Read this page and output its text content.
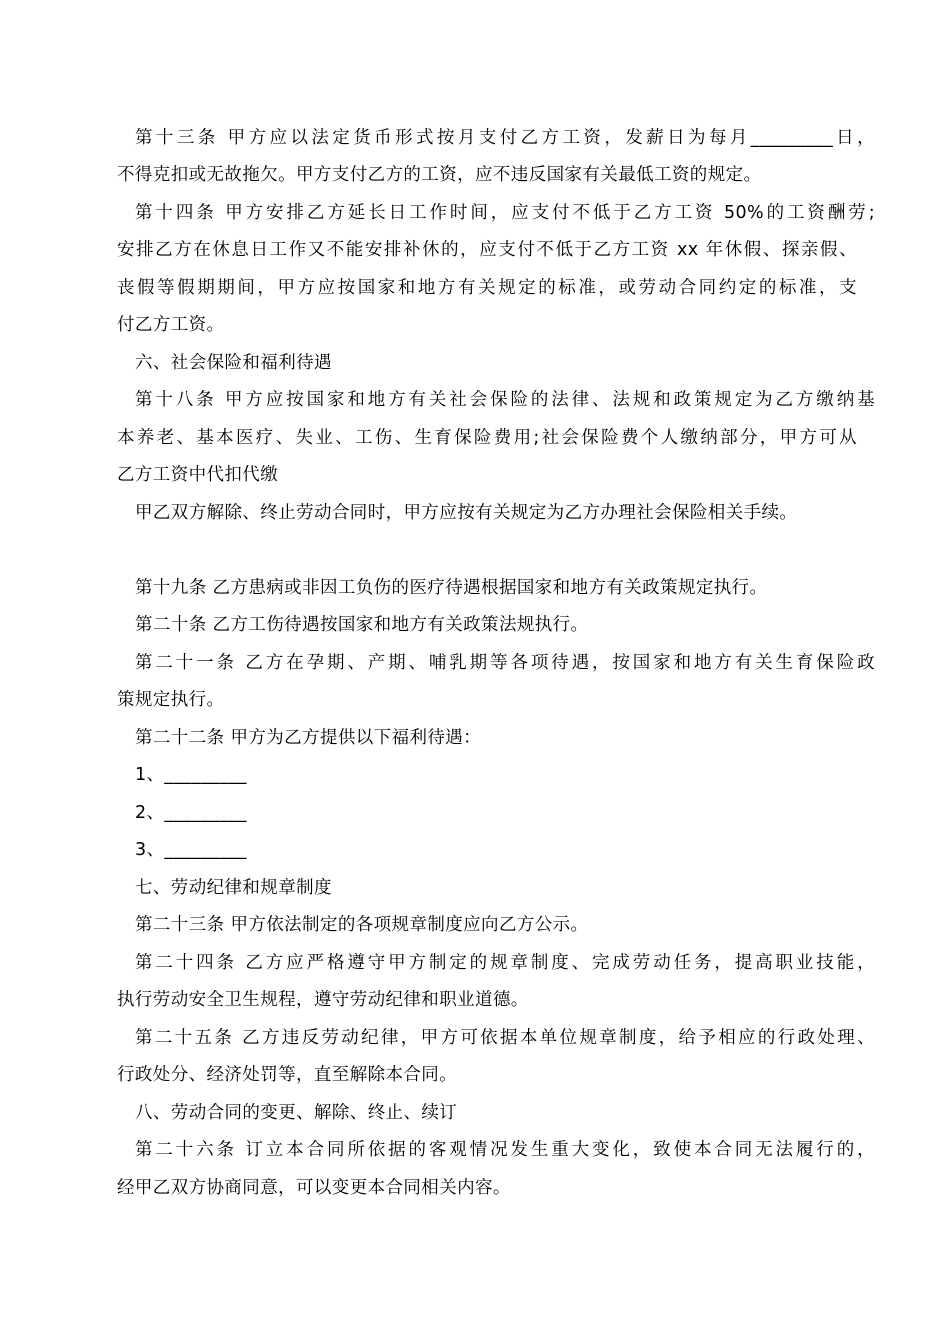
第十三条 甲方应以法定货币形式按月支付乙方工资，发薪日为每月_________日，
不得克扣或无故拖欠。甲方支付乙方的工资，应不违反国家有关最低工资的规定。
第十四条 甲方安排乙方延长日工作时间，应支付不低于乙方工资 50%的工资酬劳;
安排乙方在休息日工作又不能安排补休的，应支付不低于乙方工资 xx 年休假、探亲假、
丧假等假期期间，甲方应按国家和地方有关规定的标准，或劳动合同约定的标准，支
付乙方工资。
六、社会保险和福利待遇
第十八条 甲方应按国家和地方有关社会保险的法律、法规和政策规定为乙方缴纳基
本养老、基本医疗、失业、工伤、生育保险费用;社会保险费个人缴纳部分，甲方可从
乙方工资中代扣代缴
甲乙双方解除、终止劳动合同时，甲方应按有关规定为乙方办理社会保险相关手续。
第十九条 乙方患病或非因工负伤的医疗待遇根据国家和地方有关政策规定执行。
第二十条 乙方工伤待遇按国家和地方有关政策法规执行。
第二十一条 乙方在孕期、产期、哺乳期等各项待遇，按国家和地方有关生育保险政
策规定执行。
第二十二条 甲方为乙方提供以下福利待遇：
1、_________
2、_________
3、_________
七、劳动纪律和规章制度
第二十三条 甲方依法制定的各项规章制度应向乙方公示。
第二十四条 乙方应严格遵守甲方制定的规章制度、完成劳动任务，提高职业技能，
执行劳动安全卫生规程，遵守劳动纪律和职业道德。
第二十五条 乙方违反劳动纪律，甲方可依据本单位规章制度，给予相应的行政处理、
行政处分、经济处罚等，直至解除本合同。
八、劳动合同的变更、解除、终止、续订
第二十六条 订立本合同所依据的客观情况发生重大变化，致使本合同无法履行的，
经甲乙双方协商同意，可以变更本合同相关内容。
